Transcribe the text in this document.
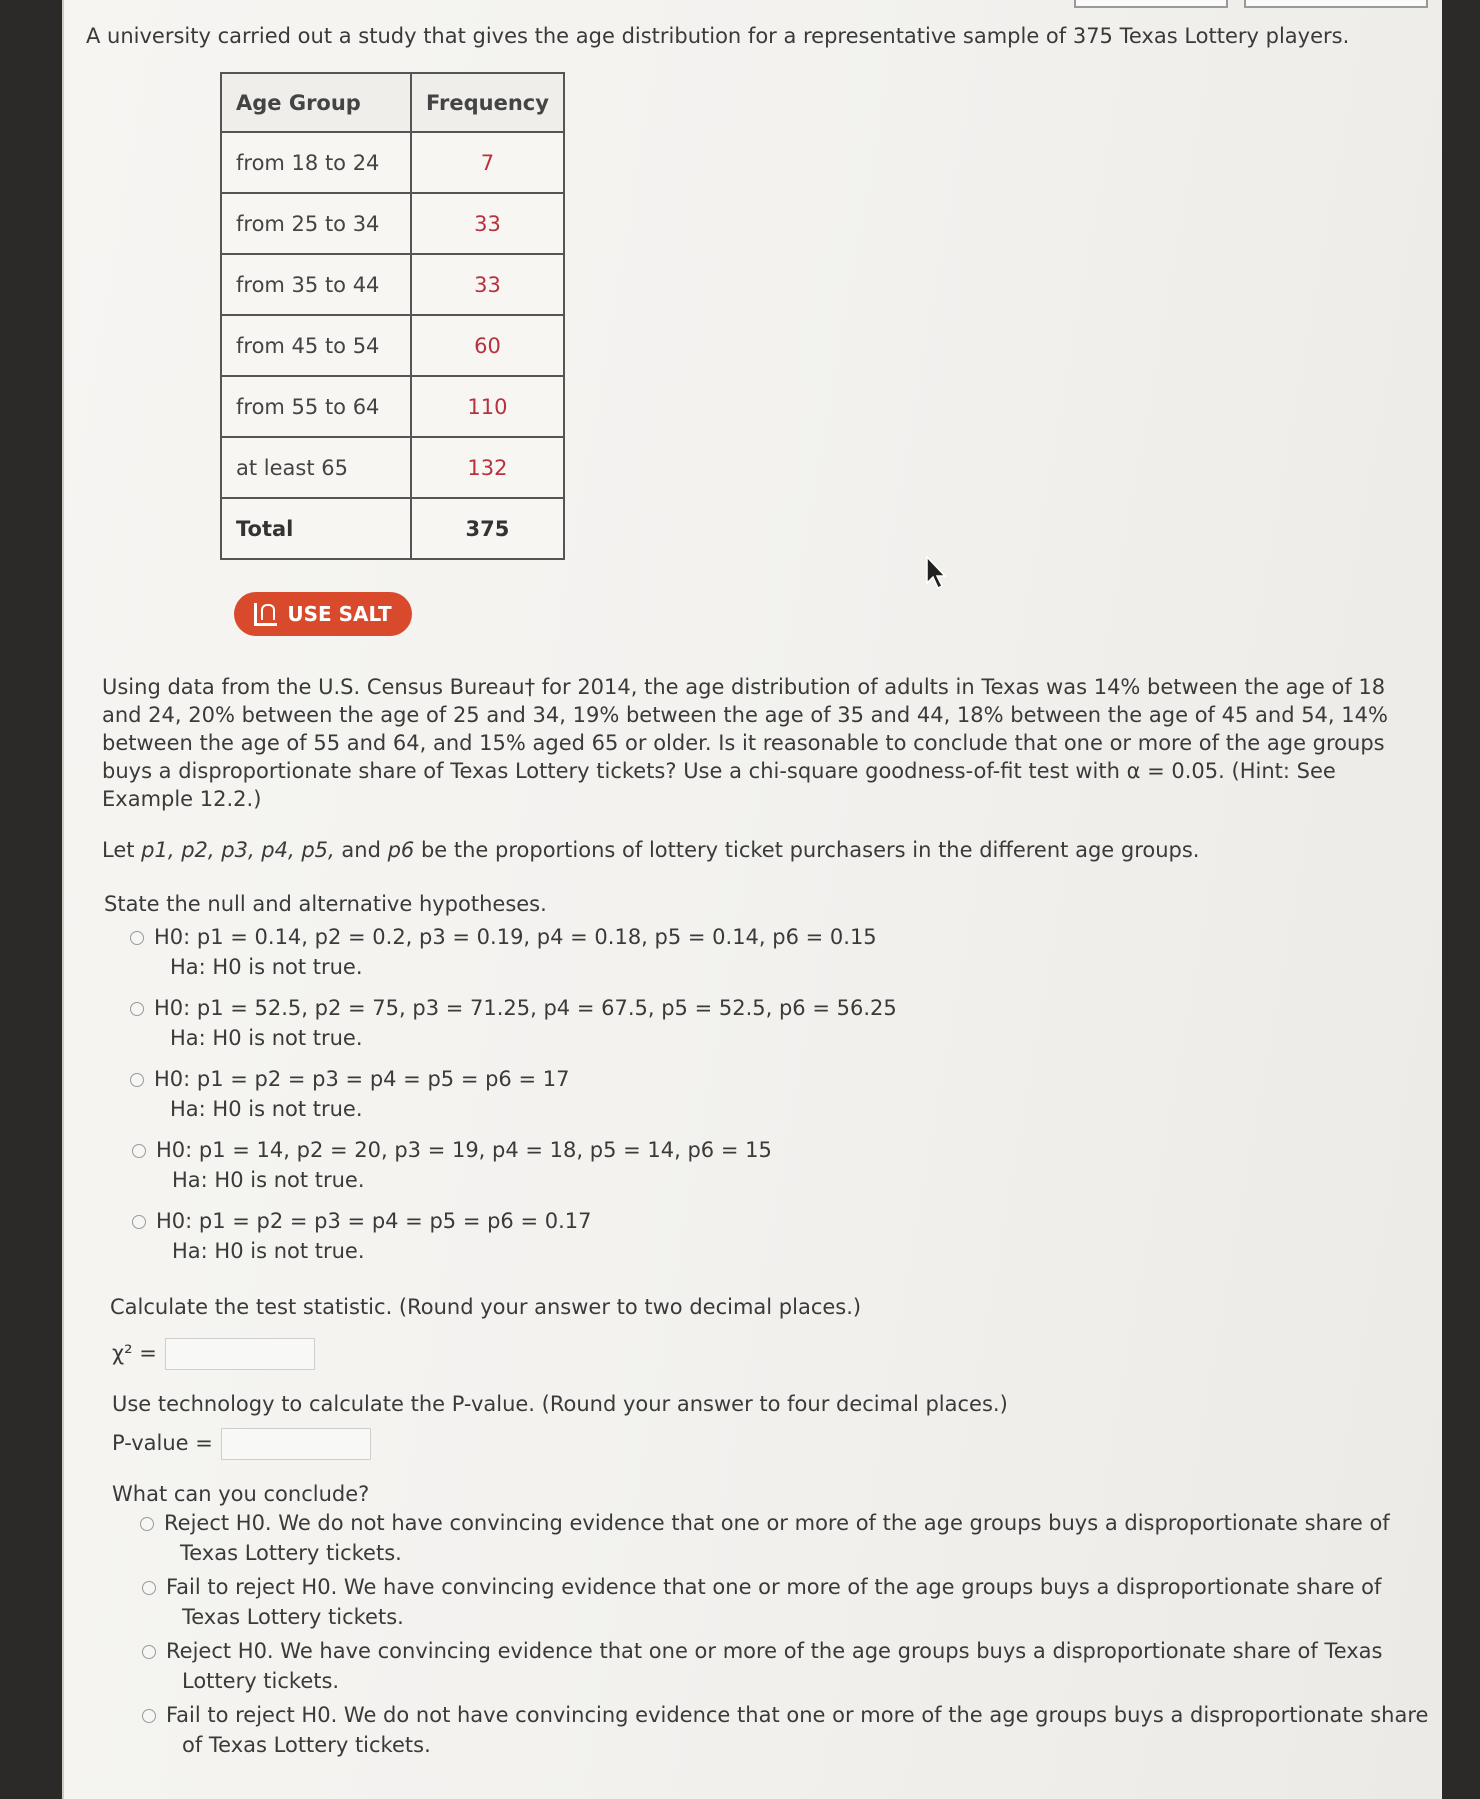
A university carried out a study that gives the age distribution for a representative sample of 375 Texas Lottery players.
Age Group	Frequency
from 18 to 24	7
from 25 to 34	33
from 35 to 44	33
from 45 to 54	60
from 55 to 64	110
at least 65	132
Total	375
USE SALT
Using data from the U.S. Census Bureau† for 2014, the age distribution of adults in Texas was 14% between the age of 18 and 24, 20% between the age of 25 and 34, 19% between the age of 35 and 44, 18% between the age of 45 and 54, 14% between the age of 55 and 64, and 15% aged 65 or older. Is it reasonable to conclude that one or more of the age groups buys a disproportionate share of Texas Lottery tickets? Use a chi-square goodness-of-fit test with α = 0.05. (Hint: See Example 12.2.)
Let p1, p2, p3, p4, p5, and p6 be the proportions of lottery ticket purchasers in the different age groups.
State the null and alternative hypotheses.
H0: p1 = 0.14, p2 = 0.2, p3 = 0.19, p4 = 0.18, p5 = 0.14, p6 = 0.15
Ha: H0 is not true.
H0: p1 = 52.5, p2 = 75, p3 = 71.25, p4 = 67.5, p5 = 52.5, p6 = 56.25
Ha: H0 is not true.
H0: p1 = p2 = p3 = p4 = p5 = p6 = 17
Ha: H0 is not true.
H0: p1 = 14, p2 = 20, p3 = 19, p4 = 18, p5 = 14, p6 = 15
Ha: H0 is not true.
H0: p1 = p2 = p3 = p4 = p5 = p6 = 0.17
Ha: H0 is not true.
Calculate the test statistic. (Round your answer to two decimal places.)
χ² =
Use technology to calculate the P-value. (Round your answer to four decimal places.)
P-value =
What can you conclude?
Reject H0. We do not have convincing evidence that one or more of the age groups buys a disproportionate share of
Texas Lottery tickets.
Fail to reject H0. We have convincing evidence that one or more of the age groups buys a disproportionate share of
Texas Lottery tickets.
Reject H0. We have convincing evidence that one or more of the age groups buys a disproportionate share of Texas
Lottery tickets.
Fail to reject H0. We do not have convincing evidence that one or more of the age groups buys a disproportionate share
of Texas Lottery tickets.
